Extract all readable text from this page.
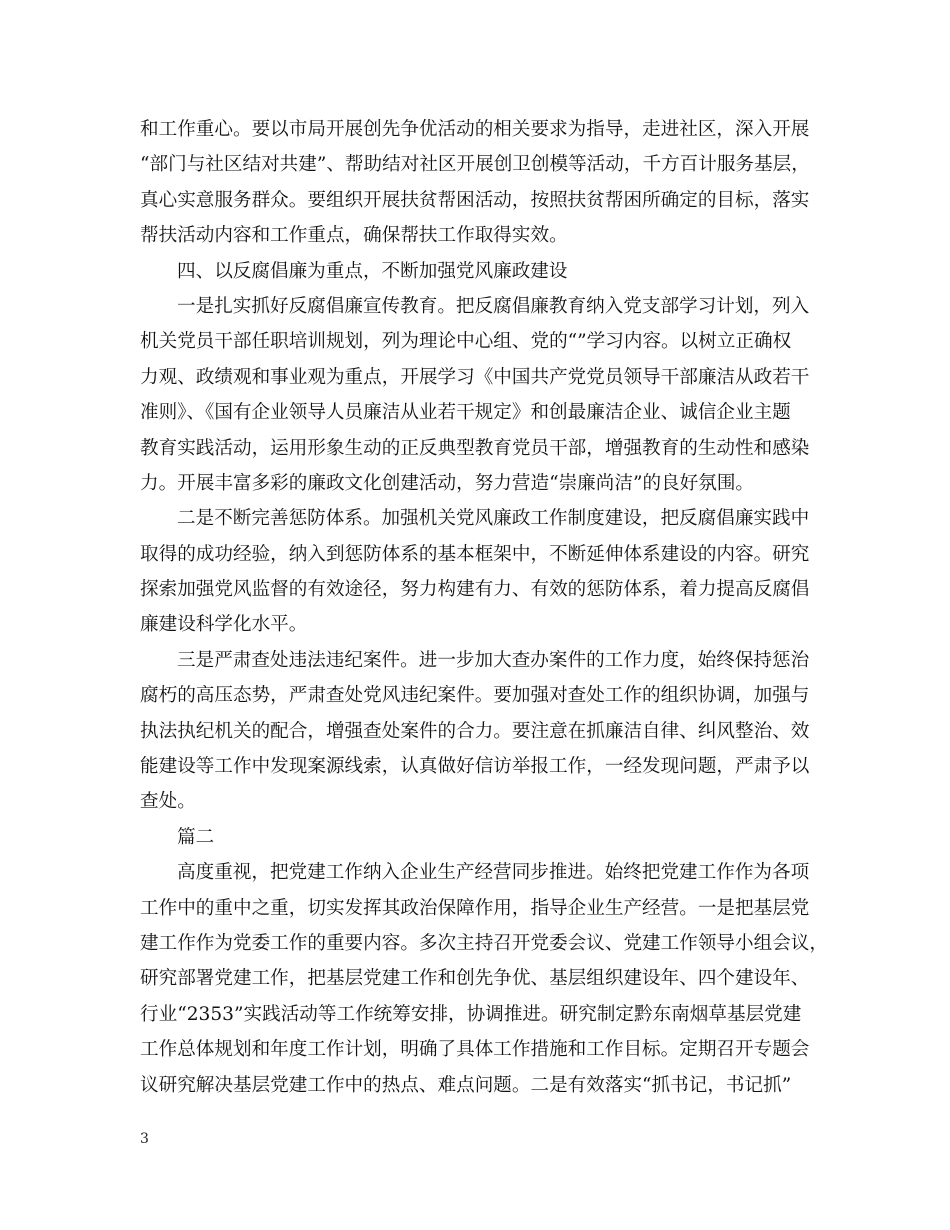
和工作重心。要以市局开展创先争优活动的相关要求为指导，走进社区，深入开展
“部门与社区结对共建”、帮助结对社区开展创卫创模等活动，千方百计服务基层，
真心实意服务群众。要组织开展扶贫帮困活动，按照扶贫帮困所确定的目标，落实
帮扶活动内容和工作重点，确保帮扶工作取得实效。
四、以反腐倡廉为重点，不断加强党风廉政建设
一是扎实抓好反腐倡廉宣传教育。把反腐倡廉教育纳入党支部学习计划，列入
机关党员干部任职培训规划，列为理论中心组、党的“”学习内容。以树立正确权
力观、政绩观和事业观为重点，开展学习《中国共产党党员领导干部廉洁从政若干
准则》、《国有企业领导人员廉洁从业若干规定》和创最廉洁企业、诚信企业主题
教育实践活动，运用形象生动的正反典型教育党员干部，增强教育的生动性和感染
力。开展丰富多彩的廉政文化创建活动，努力营造“崇廉尚洁”的良好氛围。
二是不断完善惩防体系。加强机关党风廉政工作制度建设，把反腐倡廉实践中
取得的成功经验，纳入到惩防体系的基本框架中，不断延伸体系建设的内容。研究
探索加强党风监督的有效途径，努力构建有力、有效的惩防体系，着力提高反腐倡
廉建设科学化水平。
三是严肃查处违法违纪案件。进一步加大查办案件的工作力度，始终保持惩治
腐朽的高压态势，严肃查处党风违纪案件。要加强对查处工作的组织协调，加强与
执法执纪机关的配合，增强查处案件的合力。要注意在抓廉洁自律、纠风整治、效
能建设等工作中发现案源线索，认真做好信访举报工作，一经发现问题，严肃予以
查处。
篇二
高度重视，把党建工作纳入企业生产经营同步推进。始终把党建工作作为各项
工作中的重中之重，切实发挥其政治保障作用，指导企业生产经营。一是把基层党
建工作作为党委工作的重要内容。多次主持召开党委会议、党建工作领导小组会议，
研究部署党建工作，把基层党建工作和创先争优、基层组织建设年、四个建设年、
行业“2353”实践活动等工作统筹安排，协调推进。研究制定黔东南烟草基层党建
工作总体规划和年度工作计划，明确了具体工作措施和工作目标。定期召开专题会
议研究解决基层党建工作中的热点、难点问题。二是有效落实“抓书记，书记抓”
3
